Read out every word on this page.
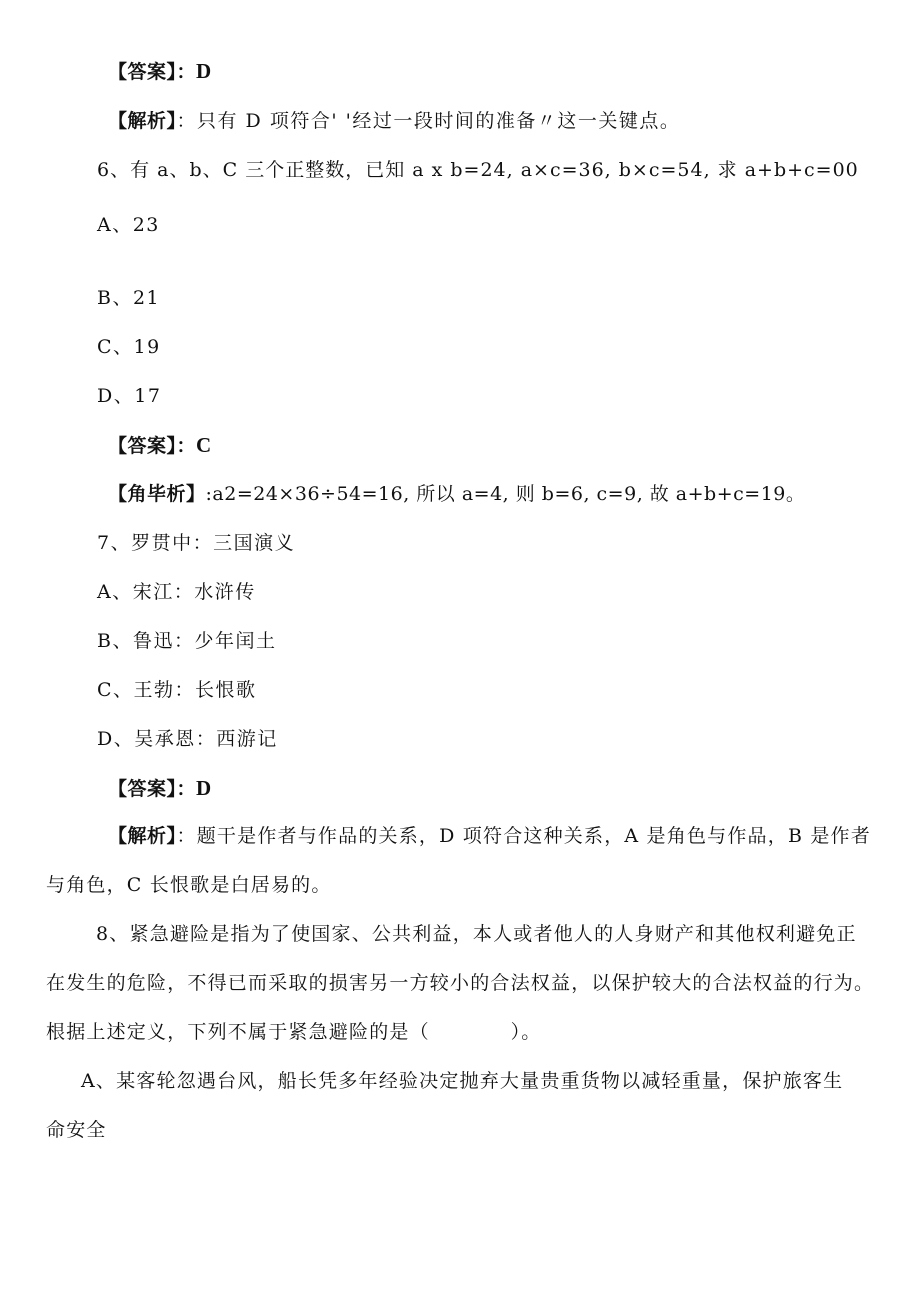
【答案】：D
【解析】：只有 D 项符合' '经过一段时间的准备〃这一关键点。
6、有 a、b、C 三个正整数，已知 a x b=24, a×c=36, b×c=54, 求 a+b+c=00
A、23
B、21
C、19
D、17
【答案】：C
【角毕析】:a2=24×36÷54=16, 所以 a=4, 则 b=6, c=9, 故 a+b+c=19。
7、罗贯中：三国演义
A、宋江：水浒传
B、鲁迅：少年闰土
C、王勃：长恨歌
D、吴承恩：西游记
【答案】：D
【解析】：题干是作者与作品的关系，D 项符合这种关系，A 是角色与作品，B 是作者与角色，C 长恨歌是白居易的。
8、紧急避险是指为了使国家、公共利益，本人或者他人的人身财产和其他权利避免正在发生的危险，不得已而采取的损害另一方较小的合法权益，以保护较大的合法权益的行为。根据上述定义，下列不属于紧急避险的是（　　　　）。
A、某客轮忽遇台风，船长凭多年经验决定抛弃大量贵重货物以减轻重量，保护旅客生命安全
